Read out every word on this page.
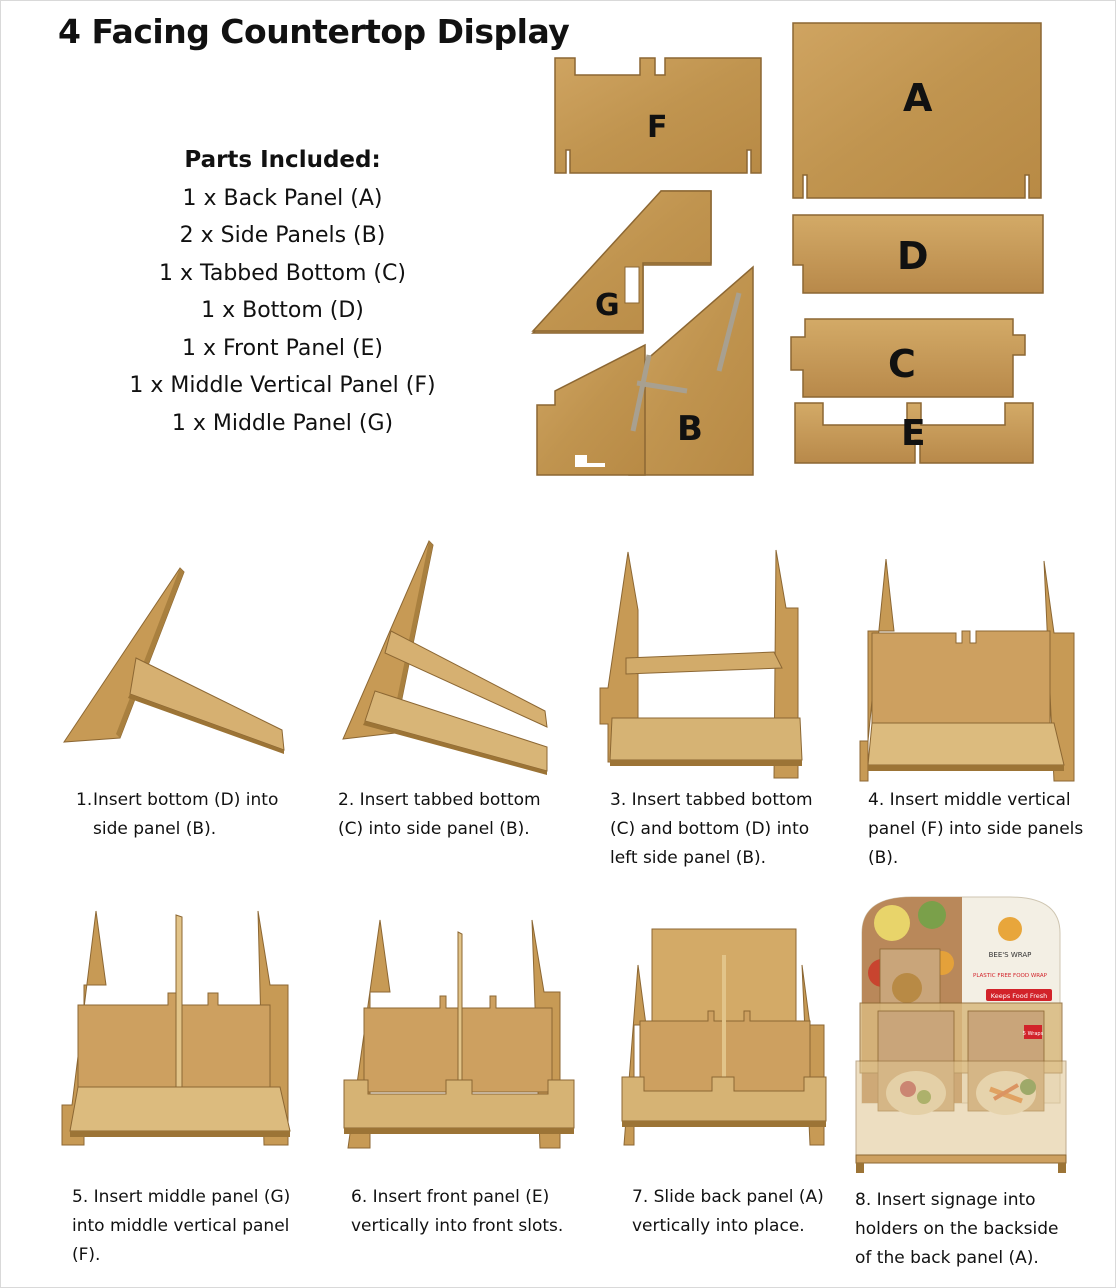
4 Facing Countertop Display
Parts Included:
1 x Back Panel (A)
2 x Side Panels (B)
1 x Tabbed Bottom (C)
1 x Bottom (D)
1 x Front Panel (E)
1 x Middle Vertical Panel (F)
1 x Middle Panel (G)
F
A
D
C
E
G
B
BEE'S WRAP
PLASTIC FREE FOOD WRAP
Keeps Food Fresh
5 Wraps
1. Insert bottom (D) into side panel (B).
2. Insert tabbed bottom (C) into side panel (B).
3. Insert tabbed bottom (C) and bottom (D) into left side panel (B).
4. Insert middle vertical panel (F) into side panels (B).
5. Insert middle panel (G) into middle vertical panel (F).
6. Insert front panel (E) vertically into front slots.
7. Slide back panel (A) vertically into place.
8. Insert signage into holders on the backside of the back panel (A).
